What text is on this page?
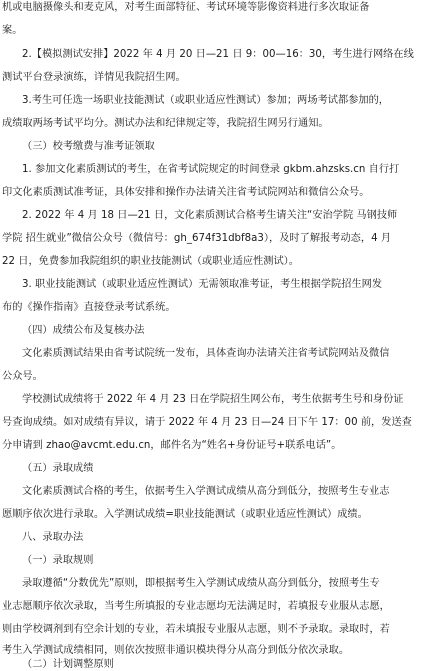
机或电脑摄像头和麦克风，对考生面部特征、考试环境等影像资料进行多次取证备
案。
2.【模拟测试安排】2022 年 4 月 20 日—21 日 9：00—16：30，考生进行网络在线
测试平台登录演练，详情见我院招生网。
3.考生可任选一场职业技能测试（或职业适应性测试）参加；两场考试都参加的，
成绩取两场考试平均分。测试办法和纪律规定等，我院招生网另行通知。
（三）校考缴费与准考证领取
1. 参加文化素质测试的考生，在省考试院规定的时间登录 gkbm.ahzsks.cn 自行打
印文化素质测试准考证，具体安排和操作办法请关注省考试院网站和微信公众号。
2. 2022 年 4 月 18 日—21 日，文化素质测试合格考生请关注“安治学院 马钢技师
学院 招生就业”微信公众号（微信号：gh_674f31dbf8a3），及时了解报考动态，4 月
22 日，免费参加我院组织的职业技能测试（或职业适应性测试）。
3. 职业技能测试（或职业适应性测试）无需领取准考证，考生根据学院招生网发
布的《操作指南》直接登录考试系统。
（四）成绩公布及复核办法
文化素质测试结果由省考试院统一发布，具体查询办法请关注省考试院网站及微信
公众号。
学校测试成绩将于 2022 年 4 月 23 日在学院招生网公布，考生依据考生号和身份证
号查询成绩。如对成绩有异议，请于 2022 年 4 月 23 日—24 日下午 17：00 前，发送查
分申请到 zhao@avcmt.edu.cn，邮件名为“姓名+身份证号+联系电话”。
（五）录取成绩
文化素质测试合格的考生，依据考生入学测试成绩从高分到低分，按照考生专业志
愿顺序依次进行录取。入学测试成绩=职业技能测试（或职业适应性测试）成绩。
八、录取办法
（一）录取规则
录取遵循“分数优先”原则，即根据考生入学测试成绩从高分到低分，按照考生专
业志愿顺序依次录取，当考生所填报的专业志愿均无法满足时，若填报专业服从志愿，
则由学校调剂到有空余计划的专业，若未填报专业服从志愿，则不予录取。录取时，若
考生入学测试成绩相同，则依次按照非通识模块得分从高分到低分依次录取。
（二）计划调整原则
